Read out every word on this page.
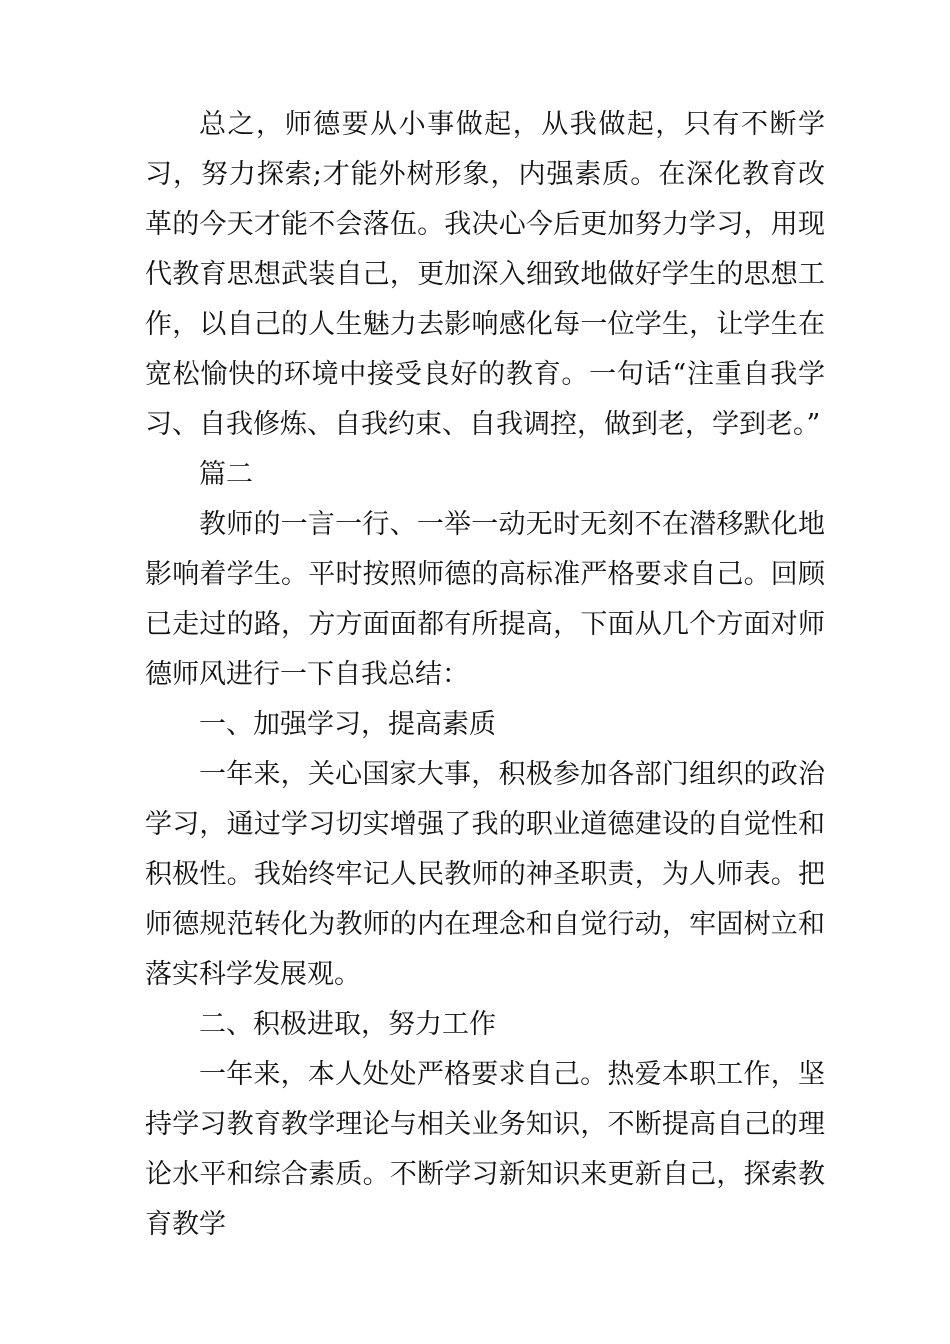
总之，师德要从小事做起，从我做起，只有不断学习，努力探索;才能外树形象，内强素质。在深化教育改革的今天才能不会落伍。我决心今后更加努力学习，用现代教育思想武装自己，更加深入细致地做好学生的思想工作，以自己的人生魅力去影响感化每一位学生，让学生在宽松愉快的环境中接受良好的教育。一句话“注重自我学习、自我修炼、自我约束、自我调控，做到老，学到老。”

篇二

教师的一言一行、一举一动无时无刻不在潜移默化地影响着学生。平时按照师德的高标准严格要求自己。回顾已走过的路，方方面面都有所提高，下面从几个方面对师德师风进行一下自我总结：

一、加强学习，提高素质

一年来，关心国家大事，积极参加各部门组织的政治学习，通过学习切实增强了我的职业道德建设的自觉性和积极性。我始终牢记人民教师的神圣职责，为人师表。把师德规范转化为教师的内在理念和自觉行动，牢固树立和落实科学发展观。

二、积极进取，努力工作

一年来，本人处处严格要求自己。热爱本职工作，坚持学习教育教学理论与相关业务知识，不断提高自己的理论水平和综合素质。不断学习新知识来更新自己，探索教育教学
